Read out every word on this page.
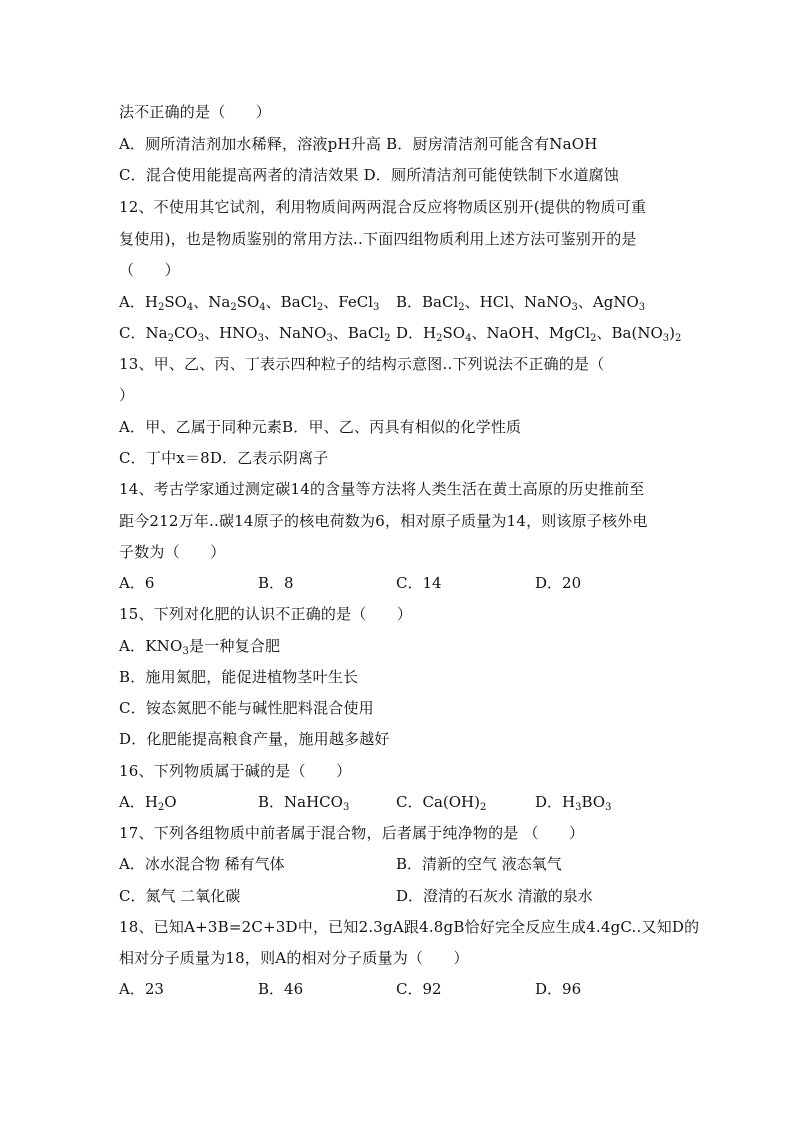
法不正确的是（　　）
A．厕所清洁剂加水稀释，溶液pH升高 B．厨房清洁剂可能含有NaOH
C．混合使用能提高两者的清洁效果 D．厕所清洁剂可能使铁制下水道腐蚀
12、不使用其它试剂，利用物质间两两混合反应将物质区别开(提供的物质可重
复使用)，也是物质鉴别的常用方法..下面四组物质利用上述方法可鉴别开的是
（　　）
A．$H_2SO_4$、$Na_2SO_4$、BaCl$_2$、FeCl$_3$ B．BaCl$_2$、HCl、NaNO$_3$、AgNO$_3$
C．$Na_2CO_3$、$HNO_3$、NaNO$_3$、BaCl$_2$ D．$H_2SO_4$、NaOH、MgCl$_2$、$Ba(NO_3)_2$
13、甲、乙、丙、丁表示四种粒子的结构示意图..下列说法不正确的是（
）
A．甲、乙属于同种元素B．甲、乙、丙具有相似的化学性质
C．丁中x＝8D．乙表示阴离子
14、考古学家通过测定碳14的含量等方法将人类生活在黄土高原的历史推前至
距今212万年..碳14原子的核电荷数为6，相对原子质量为14，则该原子核外电
子数为（　　）
A．6	B．8	C．14	D．20
15、下列对化肥的认识不正确的是（　　）
A．$KNO_3$是一种复合肥
B．施用氮肥，能促进植物茎叶生长
C．铵态氮肥不能与碱性肥料混合使用
D．化肥能提高粮食产量，施用越多越好
16、下列物质属于碱的是（　　）
A．$H_2O$	B．NaHCO$_3$	C．$Ca(OH)_2$	D．$H_3BO_3$
17、下列各组物质中前者属于混合物，后者属于纯净物的是 （　　）
A．冰水混合物 稀有气体	B．清新的空气 液态氧气
C．氮气 二氧化碳	D．澄清的石灰水 清澈的泉水
18、已知A+3B=2C+3D中，已知2.3gA跟4.8gB恰好完全反应生成4.4gC..又知D的
相对分子质量为18，则A的相对分子质量为（　　）
A．23	B．46	C．92	D．96
